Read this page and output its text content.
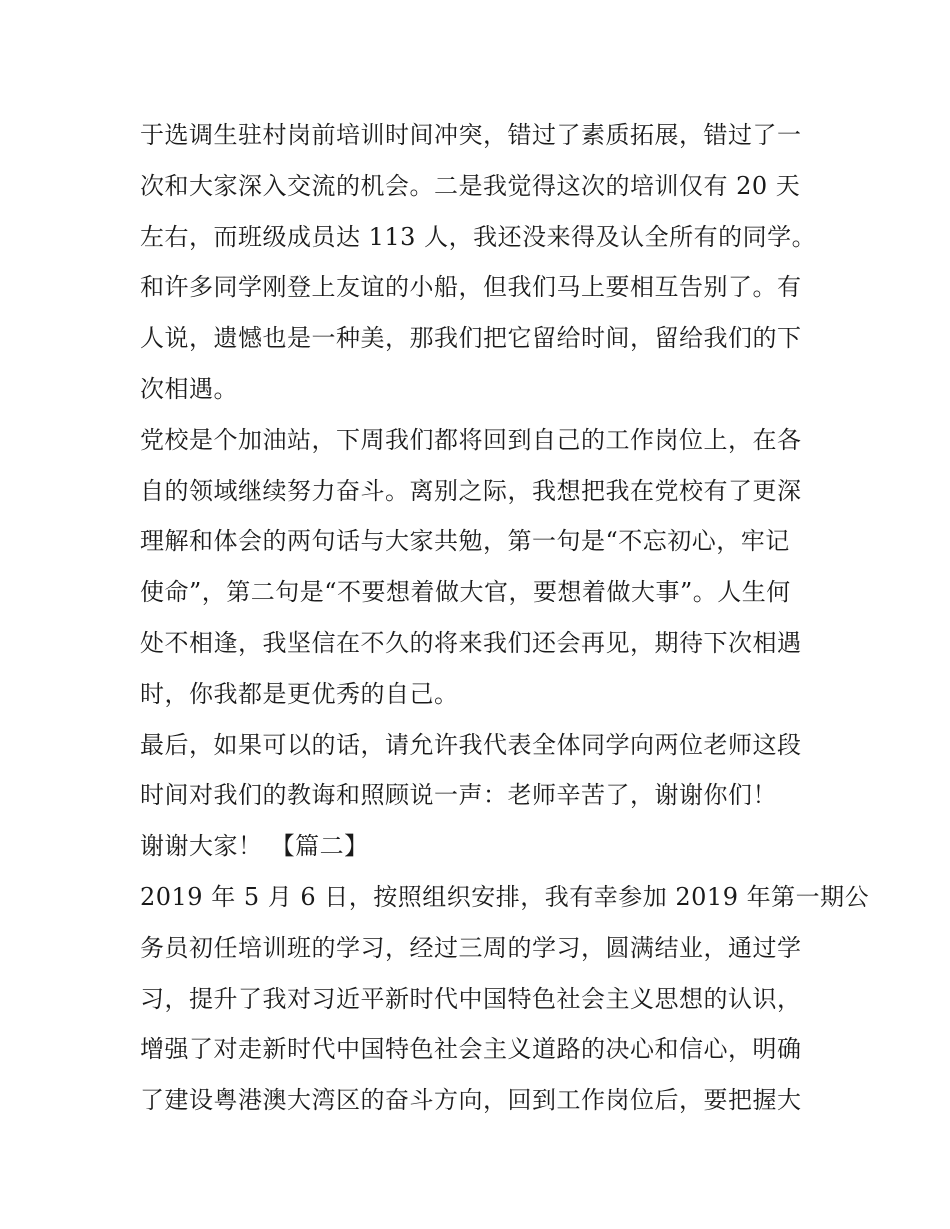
于选调生驻村岗前培训时间冲突，错过了素质拓展，错过了一
次和大家深入交流的机会。二是我觉得这次的培训仅有 20 天
左右，而班级成员达 113 人，我还没来得及认全所有的同学。
和许多同学刚登上友谊的小船，但我们马上要相互告别了。有
人说，遗憾也是一种美，那我们把它留给时间，留给我们的下
次相遇。
党校是个加油站，下周我们都将回到自己的工作岗位上，在各
自的领域继续努力奋斗。离别之际，我想把我在党校有了更深
理解和体会的两句话与大家共勉，第一句是“不忘初心，牢记
使命”，第二句是“不要想着做大官，要想着做大事”。人生何
处不相逢，我坚信在不久的将来我们还会再见，期待下次相遇
时，你我都是更优秀的自己。
最后，如果可以的话，请允许我代表全体同学向两位老师这段
时间对我们的教诲和照顾说一声：老师辛苦了，谢谢你们！
谢谢大家！ 【篇二】
2019 年 5 月 6 日，按照组织安排，我有幸参加 2019 年第一期公
务员初任培训班的学习，经过三周的学习，圆满结业，通过学
习，提升了我对习近平新时代中国特色社会主义思想的认识，
增强了对走新时代中国特色社会主义道路的决心和信心，明确
了建设粤港澳大湾区的奋斗方向，回到工作岗位后，要把握大
